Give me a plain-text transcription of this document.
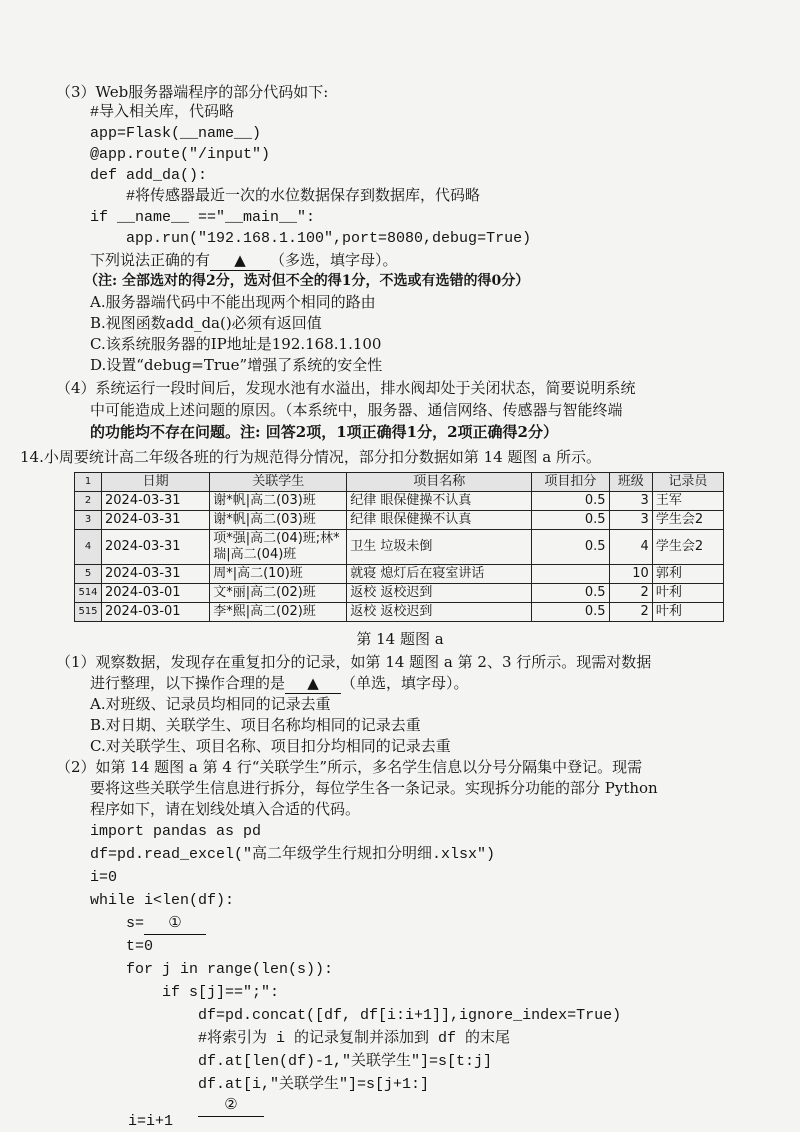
（3）Web服务器端程序的部分代码如下:
#导入相关库，代码略
app=Flask(__name__)
@app.route("/input")
def add_da():
#将传感器最近一次的水位数据保存到数据库，代码略
if __name__ =="__main__":
app.run("192.168.1.100",port=8080,debug=True)
下列说法正确的有 ▲ （多选，填字母）。
（注: 全部选对的得2分，选对但不全的得1分，不选或有选错的得0分）
A.服务器端代码中不能出现两个相同的路由
B.视图函数add_da()必须有返回值
C.该系统服务器的IP地址是192.168.1.100
D.设置“debug=True”增强了系统的安全性
（4）系统运行一段时间后，发现水池有水溢出，排水阀却处于关闭状态，简要说明系统
中可能造成上述问题的原因。（本系统中，服务器、通信网络、传感器与智能终端
的功能均不存在问题。注: 回答2项，1项正确得1分，2项正确得2分）
14.小周要统计高二年级各班的行为规范得分情况，部分扣分数据如第 14 题图 a 所示。
1	日期	关联学生	项目名称	项目扣分	班级	记录员
2	2024-03-31	谢*帆|高二(03)班	纪律 眼保健操不认真	0.5	3	王军
3	2024-03-31	谢*帆|高二(03)班	纪律 眼保健操不认真	0.5	3	学生会2
4	2024-03-31	项*强|高二(04)班;林*瑞|高二(04)班	卫生 垃圾未倒	0.5	4	学生会2
5	2024-03-31	周*|高二(10)班	就寝 熄灯后在寝室讲话		10	郭利
514	2024-03-01	文*丽|高二(02)班	返校 返校迟到	0.5	2	叶利
515	2024-03-01	李*熙|高二(02)班	返校 返校迟到	0.5	2	叶利
第 14 题图 a
（1）观察数据，发现存在重复扣分的记录，如第 14 题图 a 第 2、3 行所示。现需对数据
进行整理，以下操作合理的是 ▲ （单选，填字母）。
A.对班级、记录员均相同的记录去重
B.对日期、关联学生、项目名称均相同的记录去重
C.对关联学生、项目名称、项目扣分均相同的记录去重
（2）如第 14 题图 a 第 4 行“关联学生”所示，多名学生信息以分号分隔集中登记。现需
要将这些关联学生信息进行拆分，每位学生各一条记录。实现拆分功能的部分 Python
程序如下，请在划线处填入合适的代码。
import pandas as pd
df=pd.read_excel("高二年级学生行规扣分明细.xlsx")
i=0
while i<len(df):
s= ①
t=0
for j in range(len(s)):
if s[j]==";":
df=pd.concat([df, df[i:i+1]],ignore_index=True)
#将索引为 i 的记录复制并添加到 df 的末尾
df.at[len(df)-1,"关联学生"]=s[t:j]
df.at[i,"关联学生"]=s[j+1:]
②
i=i+1
